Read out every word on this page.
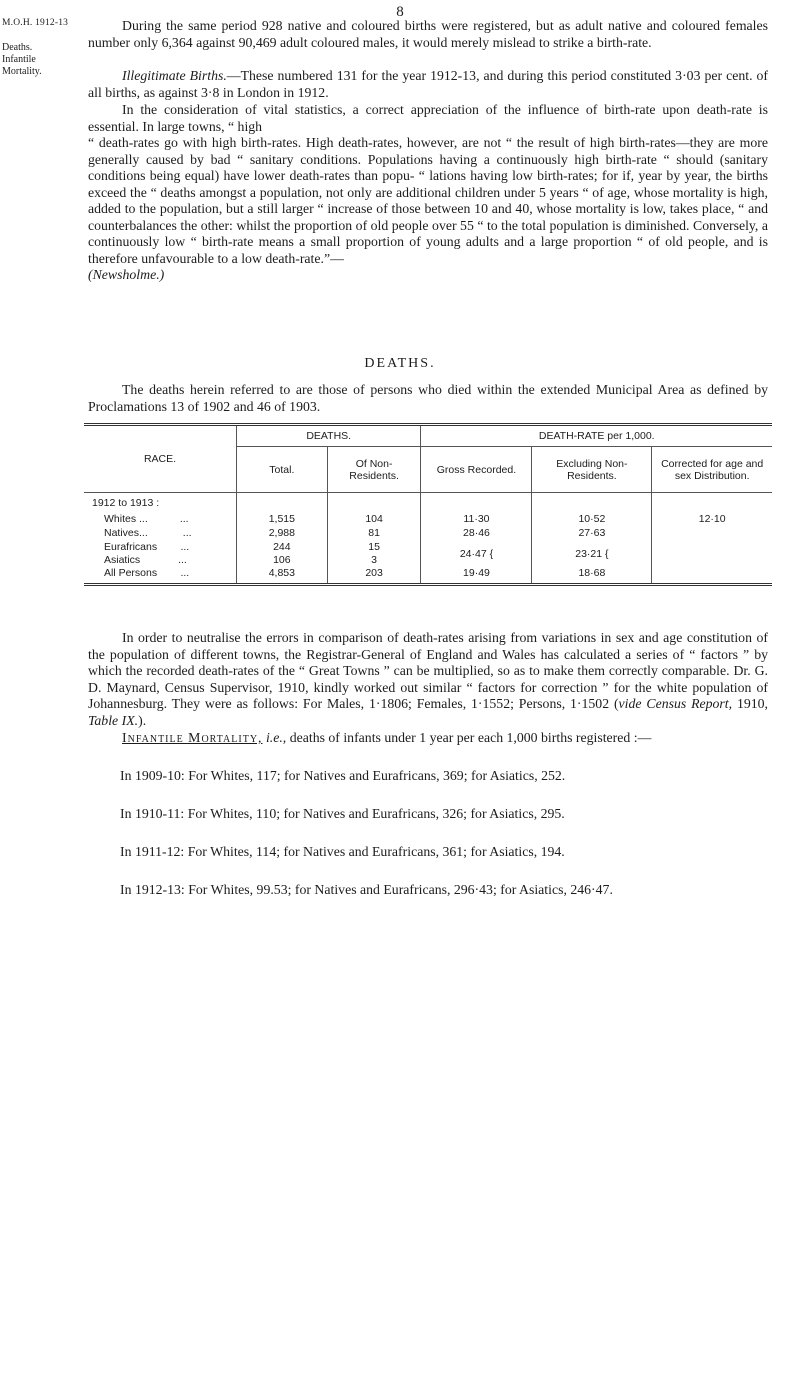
8
M.O.H. 1912-13
Deaths.
Infantile
Mortality.

During the same period 928 native and coloured births were registered, but as adult native and coloured females number only 6,364 against 90,469 adult coloured males, it would merely mislead to strike a birth-rate.

Illegitimate Births.—These numbered 131 for the year 1912-13, and during this period constituted 3·03 per cent. of all births, as against 3·8 in London in 1912.

In the consideration of vital statistics, a correct appreciation of the influence of birth-rate upon death-rate is essential. In large towns, “ high

“ death-rates go with high birth-rates. High death-rates, however, are not “ the result of high birth-rates—they are more generally caused by bad “ sanitary conditions. Populations having a continuously high birth-rate “ should (sanitary conditions being equal) have lower death-rates than popu- “ lations having low birth-rates; for if, year by year, the births exceed the “ deaths amongst a population, not only are additional children under 5 years “ of age, whose mortality is high, added to the population, but a still larger “ increase of those between 10 and 40, whose mortality is low, takes place, “ and counterbalances the other: whilst the proportion of old people over 55 “ to the total population is diminished. Conversely, a continuously low “ birth-rate means a small proportion of young adults and a large proportion “ of old people, and is therefore unfavourable to a low death-rate.”—
(Newsholme.)

DEATHS.

The deaths herein referred to are those of persons who died within the extended Municipal Area as defined by Proclamations 13 of 1902 and 46 of 1903.

RACE.	DEATHS.		DEATH-RATE per 1,000.		
	Total.	Of Non-Residents.	Gross Recorded.	Excluding Non-Residents.	Corrected for age and sex Distribution.
1912 to 1913 :					
Whites ...           ...	1,515	104	11·30	10·52	12·10
Natives...            ...	2,988	81	28·46	27·63	
Eurafricans        ...	244	15	24·47 {	23·21 {	
Asiatics             ...	106	3			
All Persons        ...	4,853	203	19·49	18·68	

In order to neutralise the errors in comparison of death-rates arising from variations in sex and age constitution of the population of different towns, the Registrar-General of England and Wales has calculated a series of “ factors ” by which the recorded death-rates of the “ Great Towns ” can be multiplied, so as to make them correctly comparable. Dr. G. D. Maynard, Census Supervisor, 1910, kindly worked out similar “ factors for correction ” for the white population of Johannesburg. They were as follows: For Males, 1·1806; Females, 1·1552; Persons, 1·1502 (vide Census Report, 1910, Table IX.).

Infantile Mortality, i.e., deaths of infants under 1 year per each 1,000 births registered :—

In 1909-10: For Whites, 117; for Natives and Eurafricans, 369; for Asiatics, 252.

In 1910-11: For Whites, 110; for Natives and Eurafricans, 326; for Asiatics, 295.

In 1911-12: For Whites, 114; for Natives and Eurafricans, 361; for Asiatics, 194.

In 1912-13: For Whites, 99.53; for Natives and Eurafricans, 296·43; for Asiatics, 246·47.
